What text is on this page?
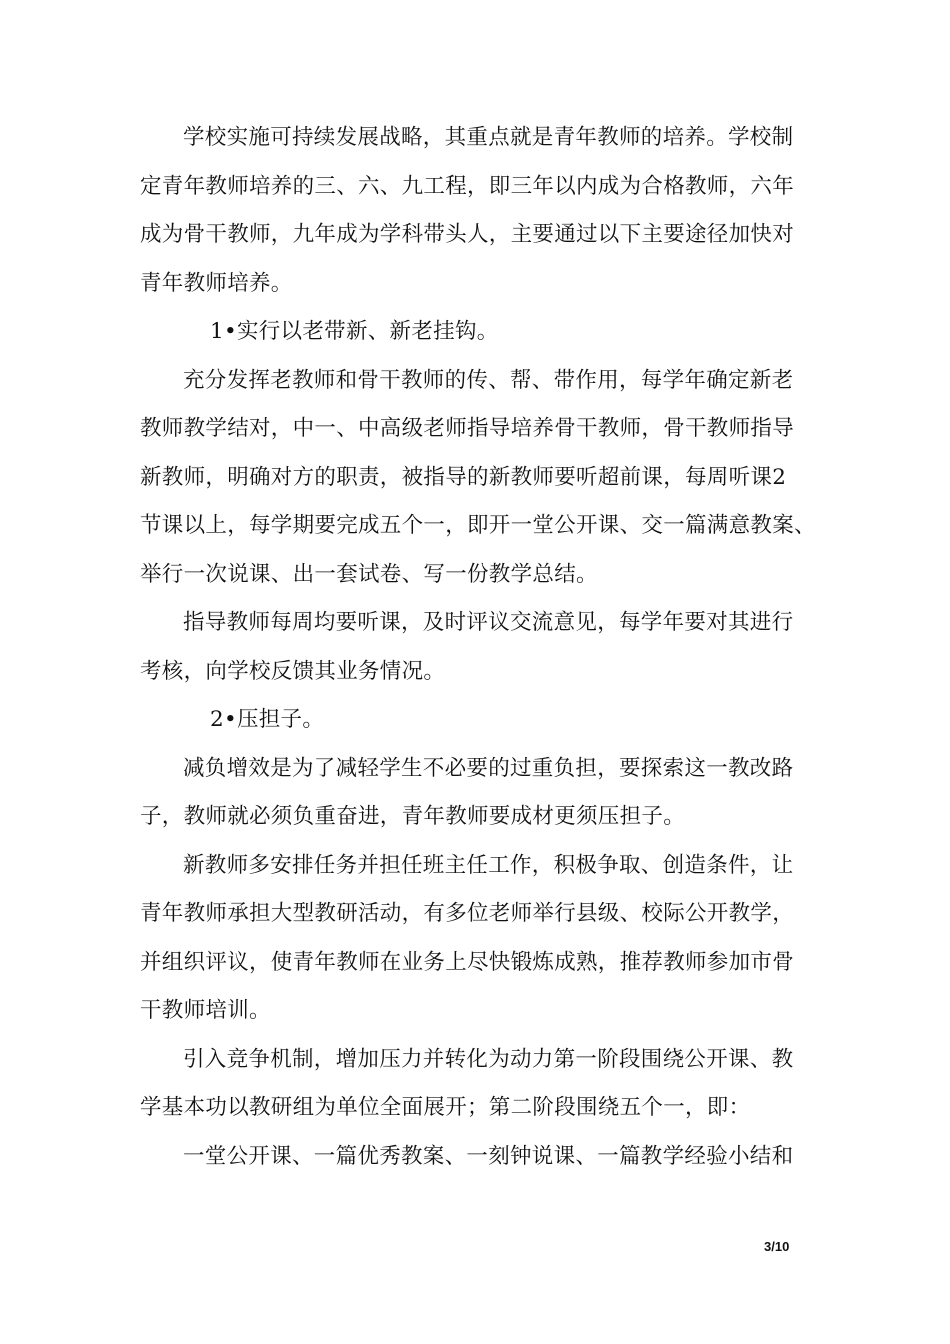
学校实施可持续发展战略，其重点就是青年教师的培养。学校制
定青年教师培养的三、六、九工程，即三年以内成为合格教师，六年
成为骨干教师，九年成为学科带头人，主要通过以下主要途径加快对
青年教师培养。
1•实行以老带新、新老挂钩。
充分发挥老教师和骨干教师的传、帮、带作用，每学年确定新老
教师教学结对，中一、中高级老师指导培养骨干教师，骨干教师指导
新教师，明确对方的职责，被指导的新教师要听超前课，每周听课2
节课以上，每学期要完成五个一，即开一堂公开课、交一篇满意教案、
举行一次说课、出一套试卷、写一份教学总结。
指导教师每周均要听课，及时评议交流意见，每学年要对其进行
考核，向学校反馈其业务情况。
2•压担子。
减负增效是为了减轻学生不必要的过重负担，要探索这一教改路
子，教师就必须负重奋进，青年教师要成材更须压担子。
新教师多安排任务并担任班主任工作，积极争取、创造条件，让
青年教师承担大型教研活动，有多位老师举行县级、校际公开教学，
并组织评议，使青年教师在业务上尽快锻炼成熟，推荐教师参加市骨
干教师培训。
引入竞争机制，增加压力并转化为动力第一阶段围绕公开课、教
学基本功以教研组为单位全面展开；第二阶段围绕五个一，即：
一堂公开课、一篇优秀教案、一刻钟说课、一篇教学经验小结和
3/10
